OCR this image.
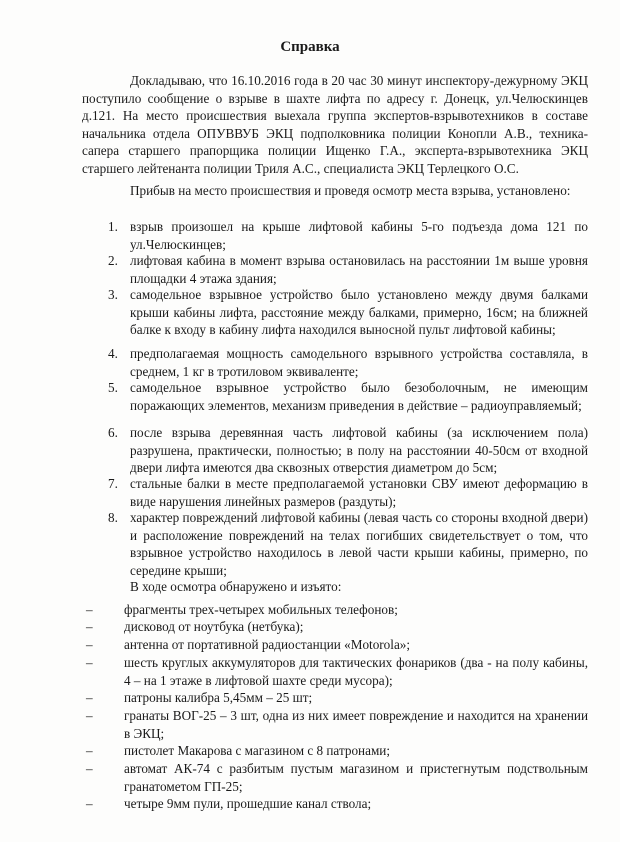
Справка
Докладываю, что 16.10.2016 года в 20 час 30 минут инспектору-дежурному ЭКЦ поступило сообщение о взрыве в шахте лифта по адресу г. Донецк, ул.Челюскинцев д.121. На место происшествия выехала группа экспертов-взрывотехников в составе начальника отдела ОПУВВУБ ЭКЦ подполковника полиции Конопли А.В., техника-сапера старшего прапорщика полиции Ищенко Г.А., эксперта-взрывотехника ЭКЦ старшего лейтенанта полиции Триля А.С., специалиста ЭКЦ Терлецкого О.С.
Прибыв на место происшествия и проведя осмотр места взрыва, установлено:
1. взрыв произошел на крыше лифтовой кабины 5-го подъезда дома 121 по ул.Челюскинцев;
2. лифтовая кабина в момент взрыва остановилась на расстоянии 1м выше уровня площадки 4 этажа здания;
3. самодельное взрывное устройство было установлено между двумя балками крыши кабины лифта, расстояние между балками, примерно, 16см; на ближней балке к входу в кабину лифта находился выносной пульт лифтовой кабины;
4. предполагаемая мощность самодельного взрывного устройства составляла, в среднем, 1 кг в тротиловом эквиваленте;
5. самодельное взрывное устройство было безоболочным, не имеющим поражающих элементов, механизм приведения в действие – радиоуправляемый;
6. после взрыва деревянная часть лифтовой кабины (за исключением пола) разрушена, практически, полностью; в полу на расстоянии 40-50см от входной двери лифта имеются два сквозных отверстия диаметром до 5см;
7. стальные балки в месте предполагаемой установки СВУ имеют деформацию в виде нарушения линейных размеров (раздуты);
8. характер повреждений лифтовой кабины (левая часть со стороны входной двери) и расположение повреждений на телах погибших свидетельствует о том, что взрывное устройство находилось в левой части крыши кабины, примерно, по середине крыши;
В ходе осмотра обнаружено и изъято:
–	фрагменты трех-четырех мобильных телефонов;
–	дисковод от ноутбука (нетбука);
–	антенна от портативной радиостанции «Motorola»;
–	шесть круглых аккумуляторов для тактических фонариков (два - на полу кабины, 4 – на 1 этаже в лифтовой шахте среди мусора);
–	патроны калибра 5,45мм – 25 шт;
–	гранаты ВОГ-25 – 3 шт, одна из них имеет повреждение и находится на хранении в ЭКЦ;
–	пистолет Макарова с магазином с 8 патронами;
–	автомат АК-74 с разбитым пустым магазином и пристегнутым подствольным гранатометом ГП-25;
–	четыре 9мм пули, прошедшие канал ствола;
